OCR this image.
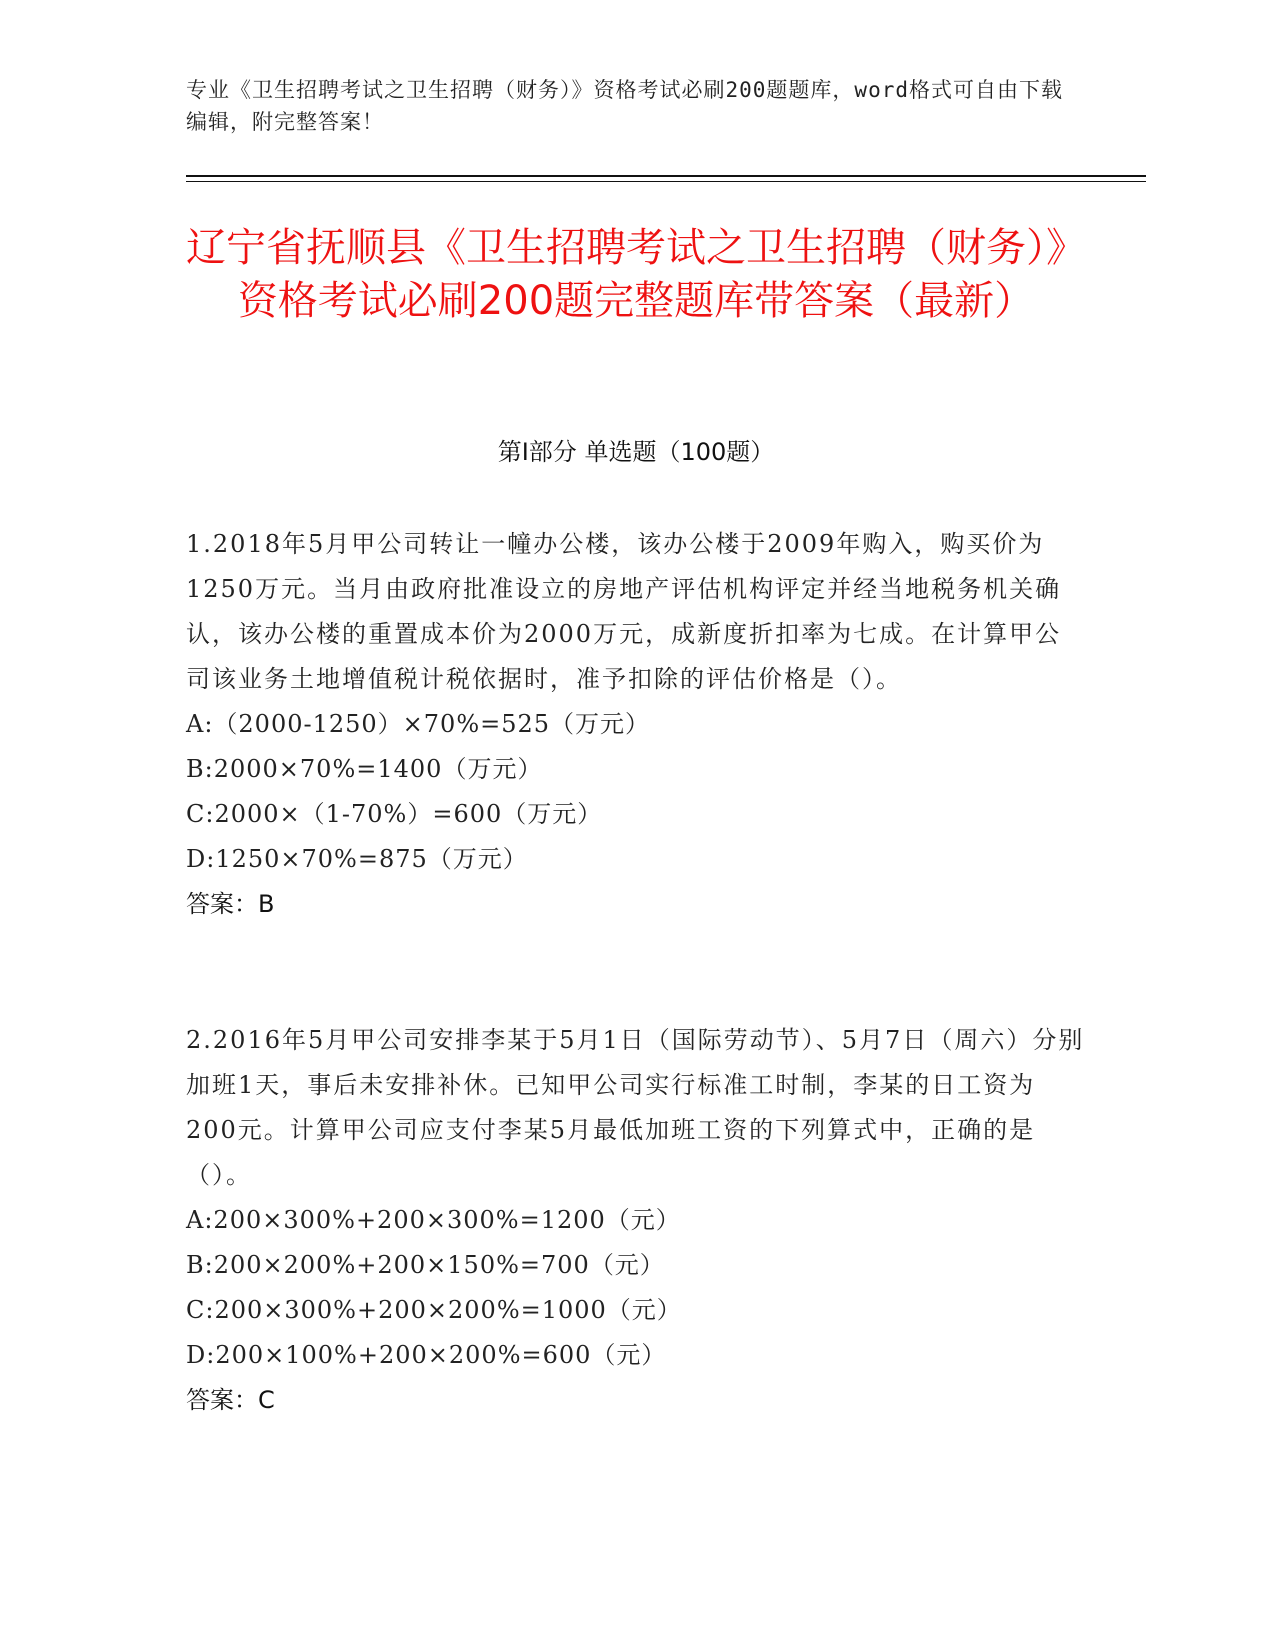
专业《卫生招聘考试之卫生招聘（财务）》资格考试必刷200题题库，word格式可自由下载编辑，附完整答案！
辽宁省抚顺县《卫生招聘考试之卫生招聘（财务）》资格考试必刷200题完整题库带答案（最新）
第I部分 单选题（100题）

1.2018年5月甲公司转让一幢办公楼，该办公楼于2009年购入，购买价为1250万元。当月由政府批准设立的房地产评估机构评定并经当地税务机关确认，该办公楼的重置成本价为2000万元，成新度折扣率为七成。在计算甲公司该业务土地增值税计税依据时，准予扣除的评估价格是（）。

A:（2000-1250）×70%=525（万元）

B:2000×70%=1400（万元）

C:2000×（1-70%）=600（万元）

D:1250×70%=875（万元）

答案：B

2.2016年5月甲公司安排李某于5月1日（国际劳动节）、5月7日（周六）分别加班1天，事后未安排补休。已知甲公司实行标准工时制，李某的日工资为200元。计算甲公司应支付李某5月最低加班工资的下列算式中，正确的是（）。

A:200×300%+200×300%=1200（元）

B:200×200%+200×150%=700（元）

C:200×300%+200×200%=1000（元）

D:200×100%+200×200%=600（元）

答案：C
